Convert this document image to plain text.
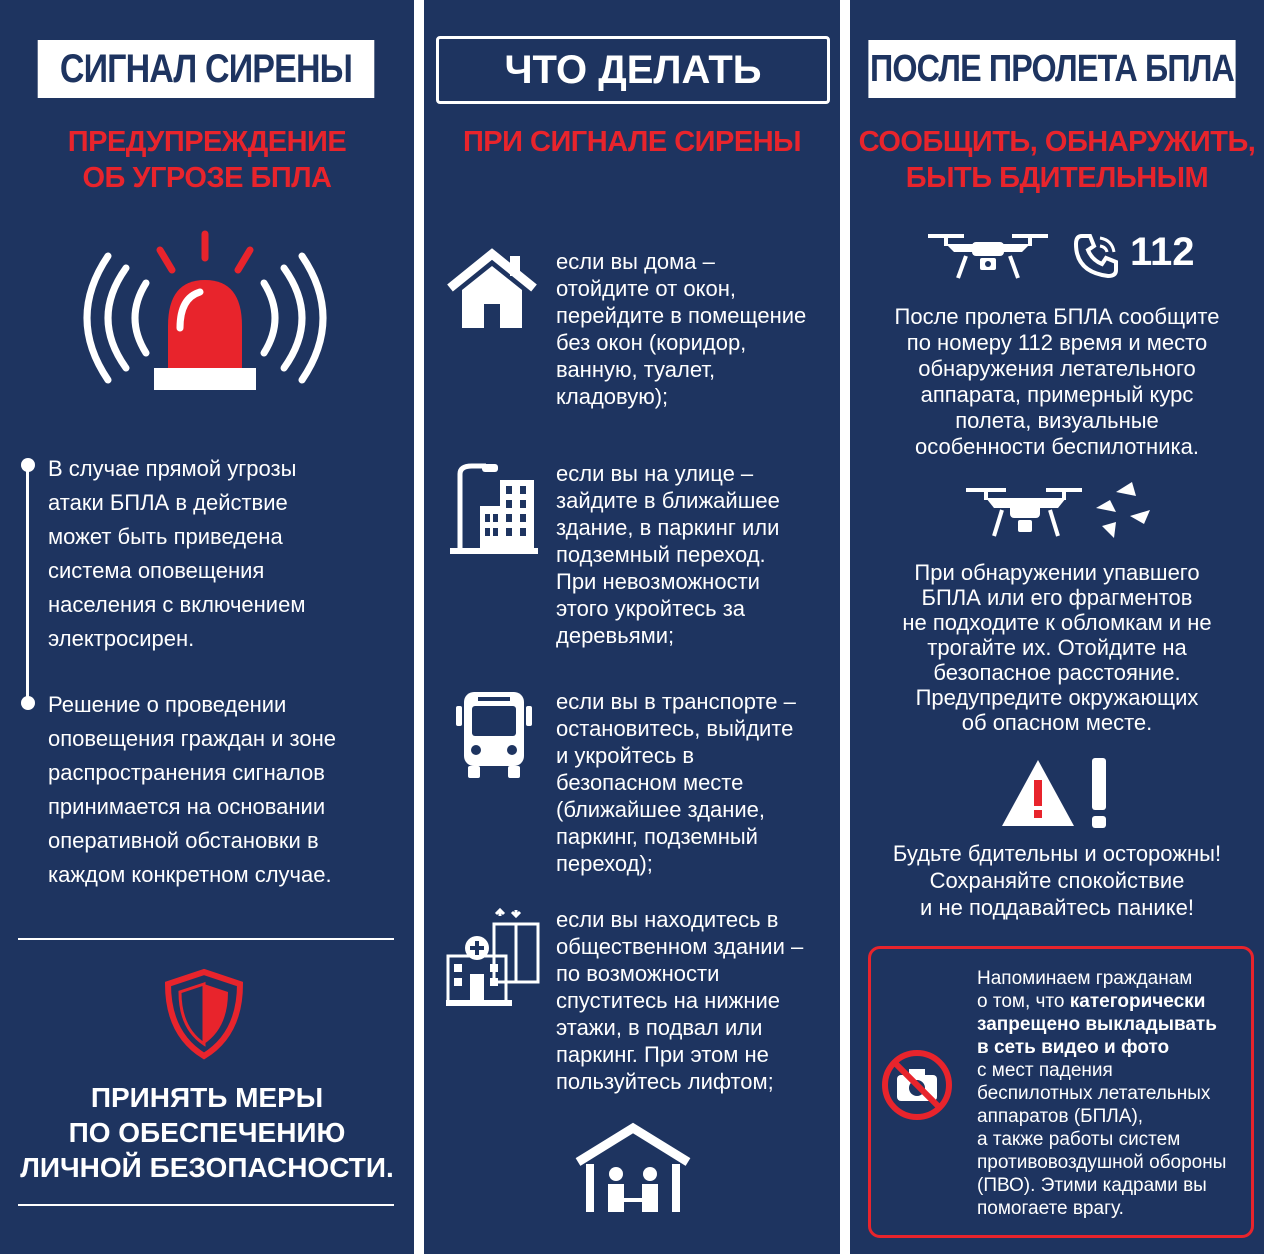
СИГНАЛ СИРЕНЫ
ПРЕДУПРЕЖДЕНИЕ
ОБ УГРОЗЕ БПЛА
В случае прямой угрозы
атаки БПЛА в действие
может быть приведена
система оповещения
населения с включением
электросирен.
Решение о проведении
оповещения граждан и зоне
распространения сигналов
принимается на основании
оперативной обстановки в
каждом конкретном случае.
ПРИНЯТЬ МЕРЫ
ПО ОБЕСПЕЧЕНИЮ
ЛИЧНОЙ БЕЗОПАСНОСТИ.
ЧТО ДЕЛАТЬ
ПРИ СИГНАЛЕ СИРЕНЫ
если вы дома –
отойдите от окон,
перейдите в помещение
без окон (коридор,
ванную, туалет,
кладовую);
если вы на улице –
зайдите в ближайшее
здание, в паркинг или
подземный переход.
При невозможности
этого укройтесь за
деревьями;
если вы в транспорте –
остановитесь, выйдите
и укройтесь в
безопасном месте
(ближайшее здание,
паркинг, подземный
переход);
если вы находитесь в
общественном здании –
по возможности
спуститесь на нижние
этажи, в подвал или
паркинг. При этом не
пользуйтесь лифтом;
ПОСЛЕ ПРОЛЕТА БПЛА
СООБЩИТЬ, ОБНАРУЖИТЬ,
БЫТЬ БДИТЕЛЬНЫМ
112
После пролета БПЛА сообщите
по номеру 112 время и место
обнаружения летательного
аппарата, примерный курс
полета, визуальные
особенности беспилотника.
При обнаружении упавшего
БПЛА или его фрагментов
не подходите к обломкам и не
трогайте их. Отойдите на
безопасное расстояние.
Предупредите окружающих
об опасном месте.
Будьте бдительны и осторожны!
Сохраняйте спокойствие
и не поддавайтесь панике!
Напоминаем гражданам
о том, что категорически
запрещено выкладывать
в сеть видео и фото
с мест падения
беспилотных летательных
аппаратов (БПЛА),
а также работы систем
противовоздушной обороны
(ПВО). Этими кадрами вы
помогаете врагу.
